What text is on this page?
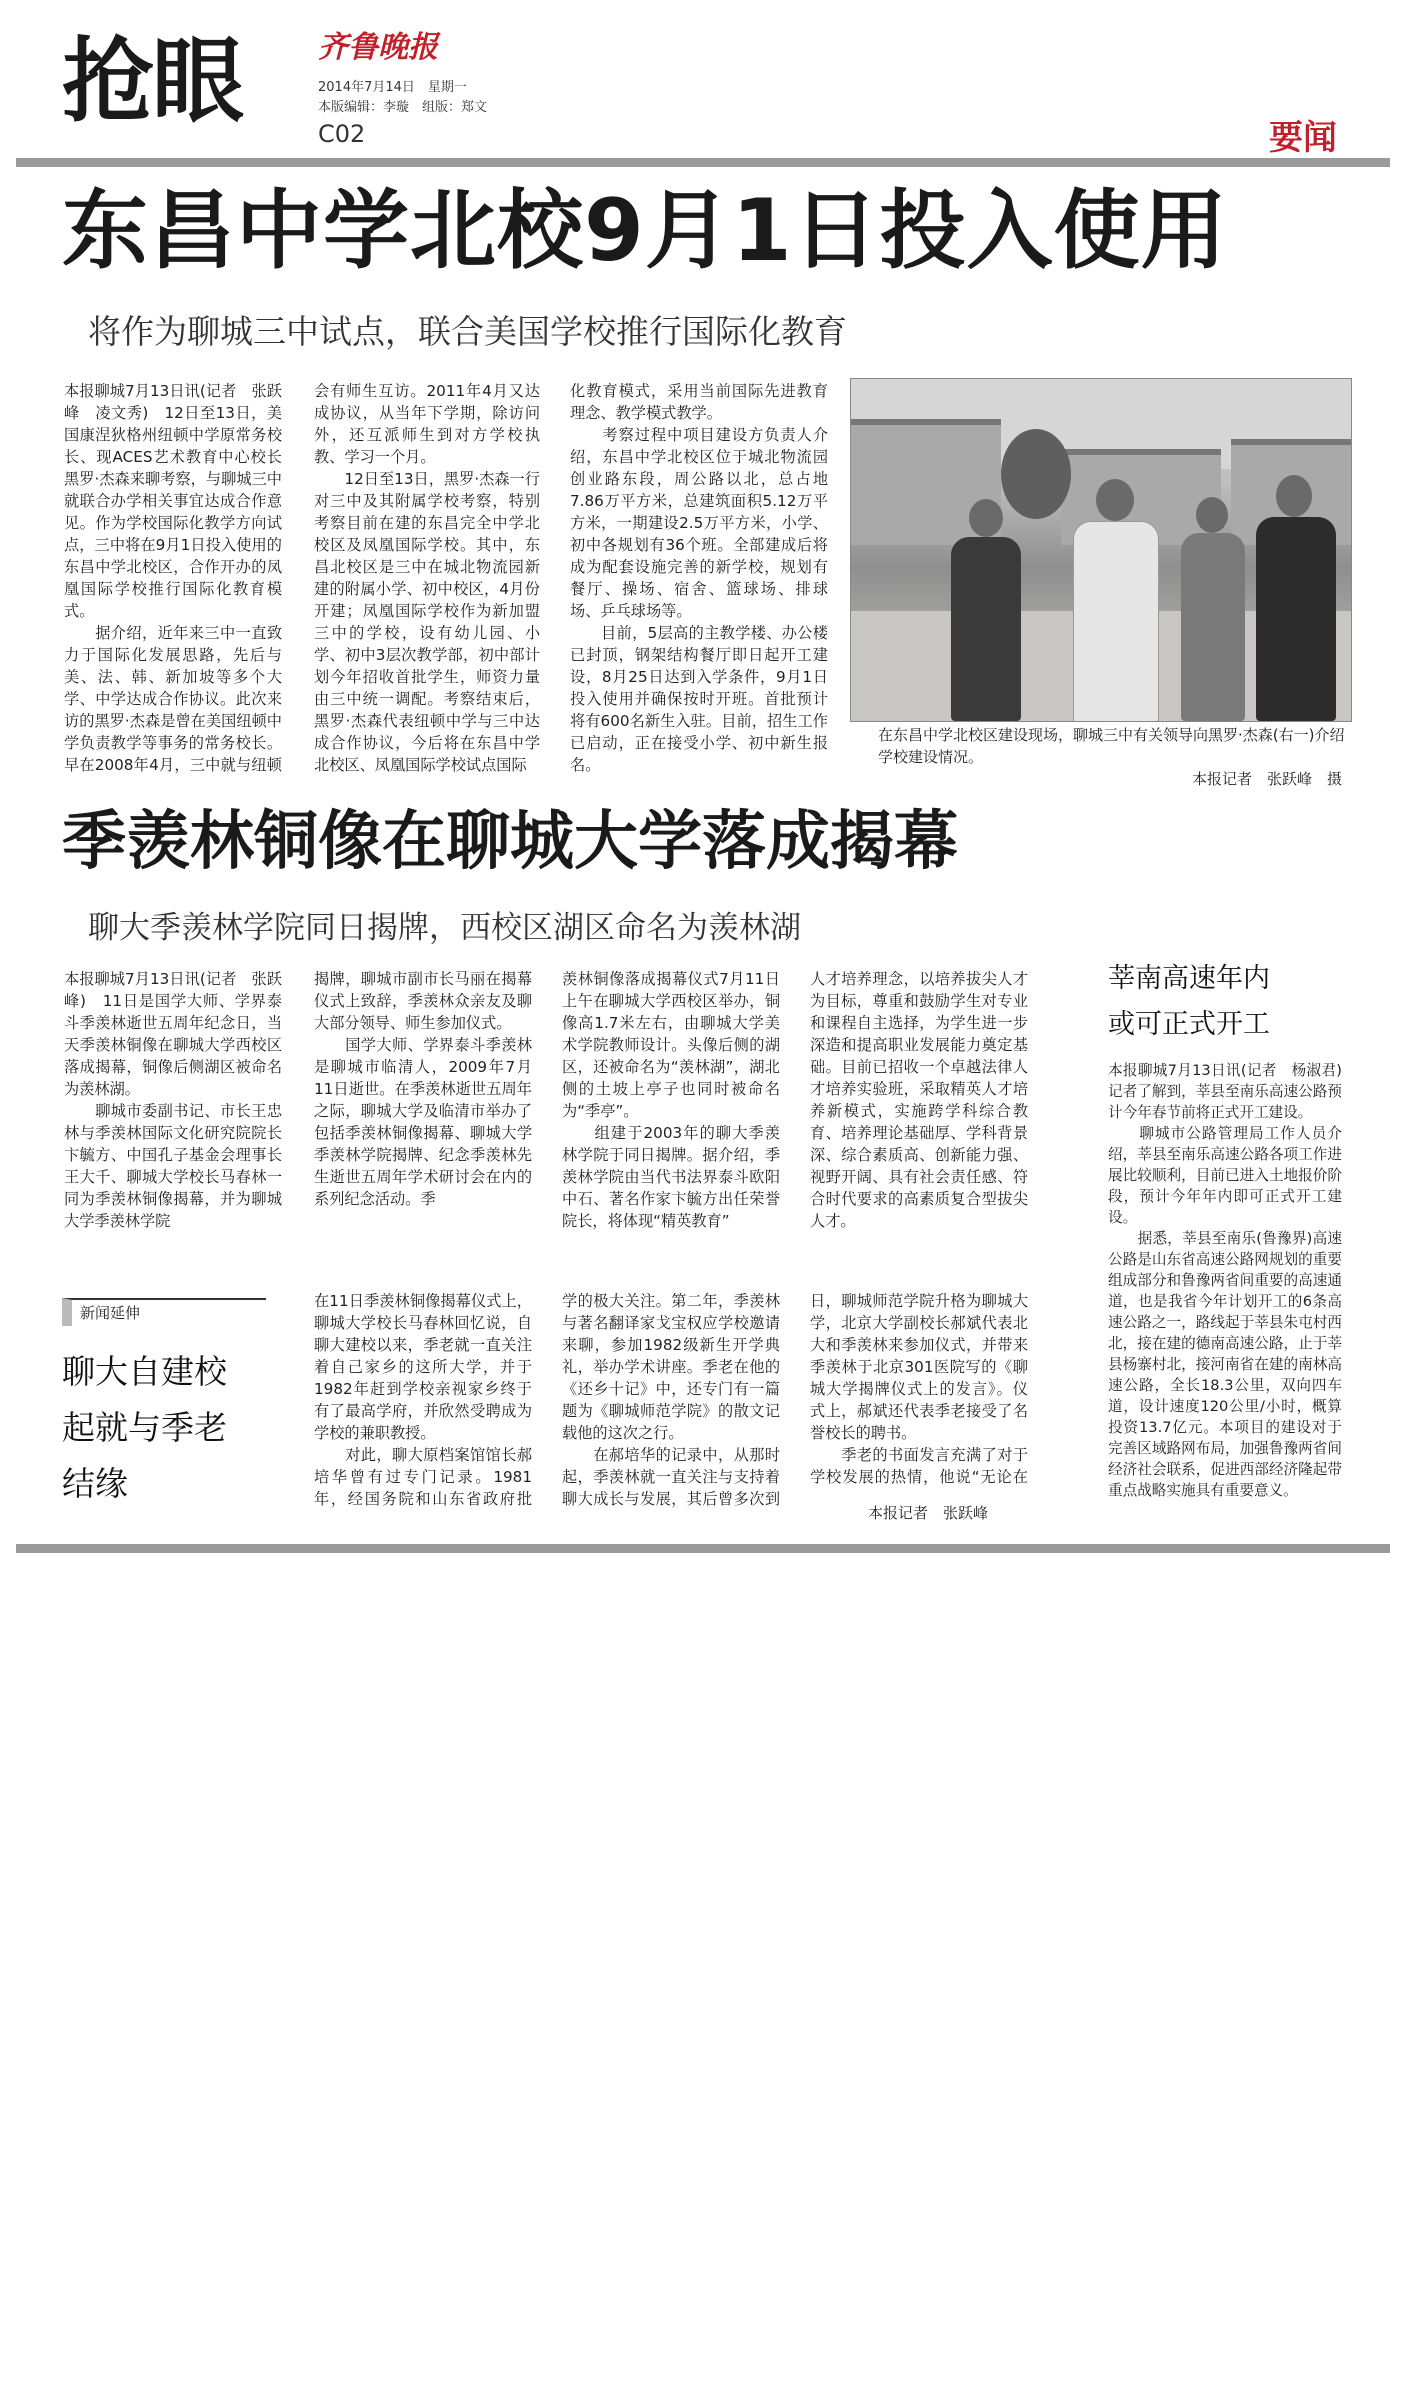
抢眼	齐鲁晚报
2014年7月14日　星期一
本版编辑：李璇　组版：郑文
C02	要闻
东昌中学北校9月1日投入使用
将作为聊城三中试点，联合美国学校推行国际化教育
本报聊城7月13日讯(记者　张跃峰　凌文秀)　12日至13日，美国康涅狄格州纽顿中学原常务校长、现ACES艺术教育中心校长黑罗·杰森来聊考察，与聊城三中就联合办学相关事宜达成合作意见。作为学校国际化教学方向试点，三中将在9月1日投入使用的东昌中学北校区，合作开办的凤凰国际学校推行国际化教育模式。
　　据介绍，近年来三中一直致力于国际化发展思路，先后与美、法、韩、新加坡等多个大学、中学达成合作协议。此次来访的黑罗·杰森是曾在美国纽顿中学负责教学等事务的常务校长。早在2008年4月，三中就与纽顿
会有师生互访。2011年4月又达成协议，从当年下学期，除访问外，还互派师生到对方学校执教、学习一个月。
　　12日至13日，黑罗·杰森一行对三中及其附属学校考察，特别考察目前在建的东昌完全中学北校区及凤凰国际学校。其中，东昌北校区是三中在城北物流园新建的附属小学、初中校区，4月份开建；凤凰国际学校作为新加盟三中的学校，设有幼儿园、小学、初中3层次教学部，初中部计划今年招收首批学生，师资力量由三中统一调配。考察结束后，黑罗·杰森代表纽顿中学与三中达成合作协议，今后将在东昌中学北校区、凤凰国际学校试点国际
化教育模式，采用当前国际先进教育理念、教学模式教学。
　　考察过程中项目建设方负责人介绍，东昌中学北校区位于城北物流园创业路东段，周公路以北，总占地7.86万平方米，总建筑面积5.12万平方米，一期建设2.5万平方米，小学、初中各规划有36个班。全部建成后将成为配套设施完善的新学校，规划有餐厅、操场、宿舍、篮球场、排球场、乒乓球场等。
　　目前，5层高的主教学楼、办公楼已封顶，钢架结构餐厅即日起开工建设，8月25日达到入学条件，9月1日投入使用并确保按时开班。首批预计将有600名新生入驻。目前，招生工作已启动，正在接受小学、初中新生报名。
在东昌中学北校区建设现场，聊城三中有关领导向黑罗·杰森(右一)介绍学校建设情况。
本报记者　张跃峰　摄
季羡林铜像在聊城大学落成揭幕
聊大季羡林学院同日揭牌，西校区湖区命名为羡林湖
本报聊城7月13日讯(记者　张跃峰)　11日是国学大师、学界泰斗季羡林逝世五周年纪念日，当天季羡林铜像在聊城大学西校区落成揭幕，铜像后侧湖区被命名为羡林湖。
　　聊城市委副书记、市长王忠林与季羡林国际文化研究院院长卞毓方、中国孔子基金会理事长王大千、聊城大学校长马春林一同为季羡林铜像揭幕，并为聊城大学季羡林学院
揭牌，聊城市副市长马丽在揭幕仪式上致辞，季羡林众亲友及聊大部分领导、师生参加仪式。
　　国学大师、学界泰斗季羡林是聊城市临清人，2009年7月11日逝世。在季羡林逝世五周年之际，聊城大学及临清市举办了包括季羡林铜像揭幕、聊城大学季羡林学院揭牌、纪念季羡林先生逝世五周年学术研讨会在内的系列纪念活动。季
羡林铜像落成揭幕仪式7月11日上午在聊城大学西校区举办，铜像高1.7米左右，由聊城大学美术学院教师设计。头像后侧的湖区，还被命名为“羡林湖”，湖北侧的土坡上亭子也同时被命名为“季亭”。
　　组建于2003年的聊大季羡林学院于同日揭牌。据介绍，季羡林学院由当代书法界泰斗欧阳中石、著名作家卞毓方出任荣誉院长，将体现“精英教育”
人才培养理念，以培养拔尖人才为目标，尊重和鼓励学生对专业和课程自主选择，为学生进一步深造和提高职业发展能力奠定基础。目前已招收一个卓越法律人才培养实验班，采取精英人才培养新模式，实施跨学科综合教育、培养理论基础厚、学科背景深、综合素质高、创新能力强、视野开阔、具有社会责任感、符合时代要求的高素质复合型拔尖人才。
新闻延伸
聊大自建校起就与季老结缘
在11日季羡林铜像揭幕仪式上，聊城大学校长马春林回忆说，自聊大建校以来，季老就一直关注着自己家乡的这所大学，并于1982年赶到学校亲视家乡终于有了最高学府，并欣然受聘成为学校的兼职教授。
　　对此，聊大原档案馆馆长郝培华曾有过专门记录。1981年，经国务院和山东省政府批
学的极大关注。第二年，季羡林与著名翻译家戈宝权应学校邀请来聊，参加1982级新生开学典礼，举办学术讲座。季老在他的《还乡十记》中，还专门有一篇题为《聊城师范学院》的散文记载他的这次之行。
　　在郝培华的记录中，从那时起，季羡林就一直关注与支持着聊大成长与发展，其后曾多次到
日，聊城师范学院升格为聊城大学，北京大学副校长郝斌代表北大和季羡林来参加仪式，并带来季羡林于北京301医院写的《聊城大学揭牌仪式上的发言》。仪式上，郝斌还代表季老接受了名誉校长的聘书。
　　季老的书面发言充满了对于学校发展的热情，他说“无论在
本报记者　张跃峰
莘南高速年内
或可正式开工
本报聊城7月13日讯(记者　杨淑君)　记者了解到，莘县至南乐高速公路预计今年春节前将正式开工建设。
　　聊城市公路管理局工作人员介绍，莘县至南乐高速公路各项工作进展比较顺利，目前已进入土地报价阶段，预计今年年内即可正式开工建设。
　　据悉，莘县至南乐(鲁豫界)高速公路是山东省高速公路网规划的重要组成部分和鲁豫两省间重要的高速通道，也是我省今年计划开工的6条高速公路之一，路线起于莘县朱屯村西北，接在建的德南高速公路，止于莘县杨寨村北，接河南省在建的南林高速公路，全长18.3公里，双向四车道，设计速度120公里/小时，概算投资13.7亿元。本项目的建设对于完善区域路网布局，加强鲁豫两省间经济社会联系，促进西部经济隆起带重点战略实施具有重要意义。
